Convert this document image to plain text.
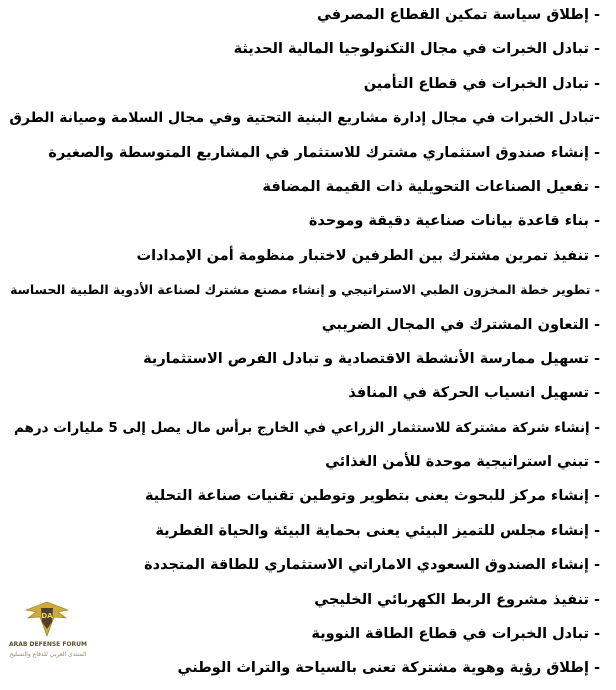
- إطلاق سياسة تمكين القطاع المصرفي
- تبادل الخبرات في مجال التكنولوجيا المالية الحديثة
- تبادل الخبرات في قطاع التأمين
-تبادل الخبرات في مجال إدارة مشاريع البنية التحتية وفي مجال السلامة وصيانة الطرق
- إنشاء صندوق استثماري مشترك للاستثمار في المشاريع المتوسطة والصغيرة
- تفعيل الصناعات التحويلية ذات القيمة المضافة
- بناء قاعدة بيانات صناعية دقيقة وموحدة
- تنفيذ تمرين مشترك بين الطرفين لاختبار منظومة أمن الإمدادات
- تطوير خطة المخزون الطبي الاستراتيجي و إنشاء مصنع مشترك لصناعة الأدوية الطبية الحساسة
- التعاون المشترك في المجال الضريبي
- تسهيل ممارسة الأنشطة الاقتصادية و تبادل الفرص الاستثمارية
- تسهيل انسياب الحركة في المنافذ
- إنشاء شركة مشتركة للاستثمار الزراعي في الخارج برأس مال يصل إلى 5 مليارات درهم
- تبني استراتيجية موحدة للأمن الغذائي
- إنشاء مركز للبحوث يعنى بتطوير وتوطين تقنيات صناعة التحلية
- إنشاء مجلس للتميز البيئي يعنى بحماية البيئة والحياة الفطرية
- إنشاء الصندوق السعودي الاماراتي الاستثماري للطاقة المتجددة
- تنفيذ مشروع الربط الكهربائي الخليجي
- تبادل الخبرات في قطاع الطاقة النووية
- إطلاق رؤية وهوية مشتركة تعنى بالسياحة والتراث الوطني
DA
ARAB DEFENSE FORUM
المنتدى العربي للدفاع والتسليح
